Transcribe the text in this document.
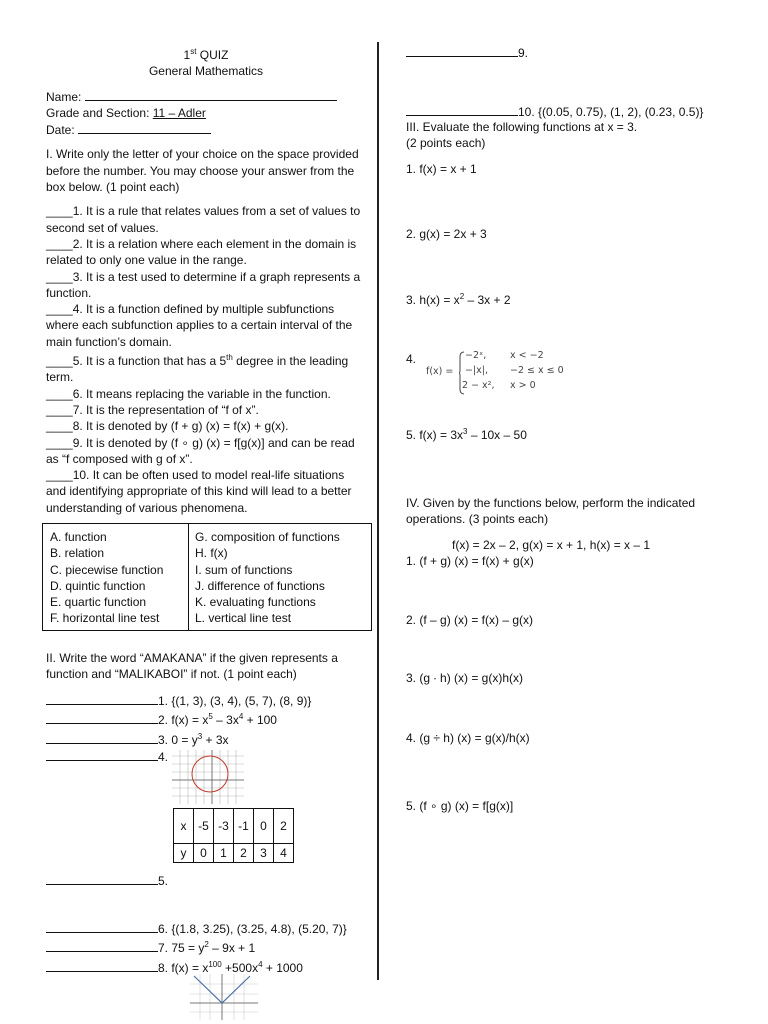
1st QUIZ
General Mathematics
Name:
Grade and Section: 11 – Adler
Date:
I. Write only the letter of your choice on the space provided before the number. You may choose your answer from the box below. (1 point each)
____1. It is a rule that relates values from a set of values to second set of values.
____2. It is a relation where each element in the domain is related to only one value in the range.
____3. It is a test used to determine if a graph represents a function.
____4. It is a function defined by multiple subfunctions where each subfunction applies to a certain interval of the main function’s domain.
____5. It is a function that has a 5th degree in the leading term.
____6. It means replacing the variable in the function.
____7. It is the representation of “f of x”.
____8. It is denoted by (f + g) (x) = f(x) + g(x).
____9. It is denoted by (f ∘ g) (x) = f[g(x)] and can be read as “f composed with g of x”.
____10. It can be often used to model real-life situations and identifying appropriate of this kind will lead to a better understanding of various phenomena.
A. function
B. relation
C. piecewise function
D. quintic function
E. quartic function
F. horizontal line test
G. composition of functions
H. f(x)
I. sum of functions
J. difference of functions
K. evaluating functions
L. vertical line test
II. Write the word “AMAKANA” if the given represents a function and “MALIKABOI” if not. (1 point each)
1. {(1, 3), (3, 4), (5, 7), (8, 9)}
2. $f(x) = x^5 - 3x^4 + 100$
3. $0 = y^3 + 3x$
4.
x	-5	-3	-1	0	2
y	0	1	2	3	4
5.
6. {(1.8, 3.25), (3.25, 4.8), (5.20, 7)}
7. $75 = y^2 - 9x + 1$
8. $f(x) = x^{100} +500x^4 + 1000$
9.
10. {(0.05, 0.75), (1, 2), (0.23, 0.5)}
III. Evaluate the following functions at x = 3.
(2 points each)
1. f(x) = x + 1
2. g(x) = 2x + 3
3. $h(x) = x^2 - 3x + 2$
4.
f(x) =
−2ˣ,	x < −2
−|x|, −2 ≤ x ≤ 0
2 − x², x > 0
5. $f(x) = 3x^3 - 10x - 50$
IV. Given by the functions below, perform the indicated operations. (3 points each)
f(x) = 2x – 2, g(x) = x + 1, h(x) = x – 1
1. (f + g) (x) = f(x) + g(x)
2. (f – g) (x) = f(x) – g(x)
3. (g ∙ h) (x) = g(x)h(x)
4. (g ÷ h) (x) = g(x)/h(x)
5. (f ∘ g) (x) = f[g(x)]
